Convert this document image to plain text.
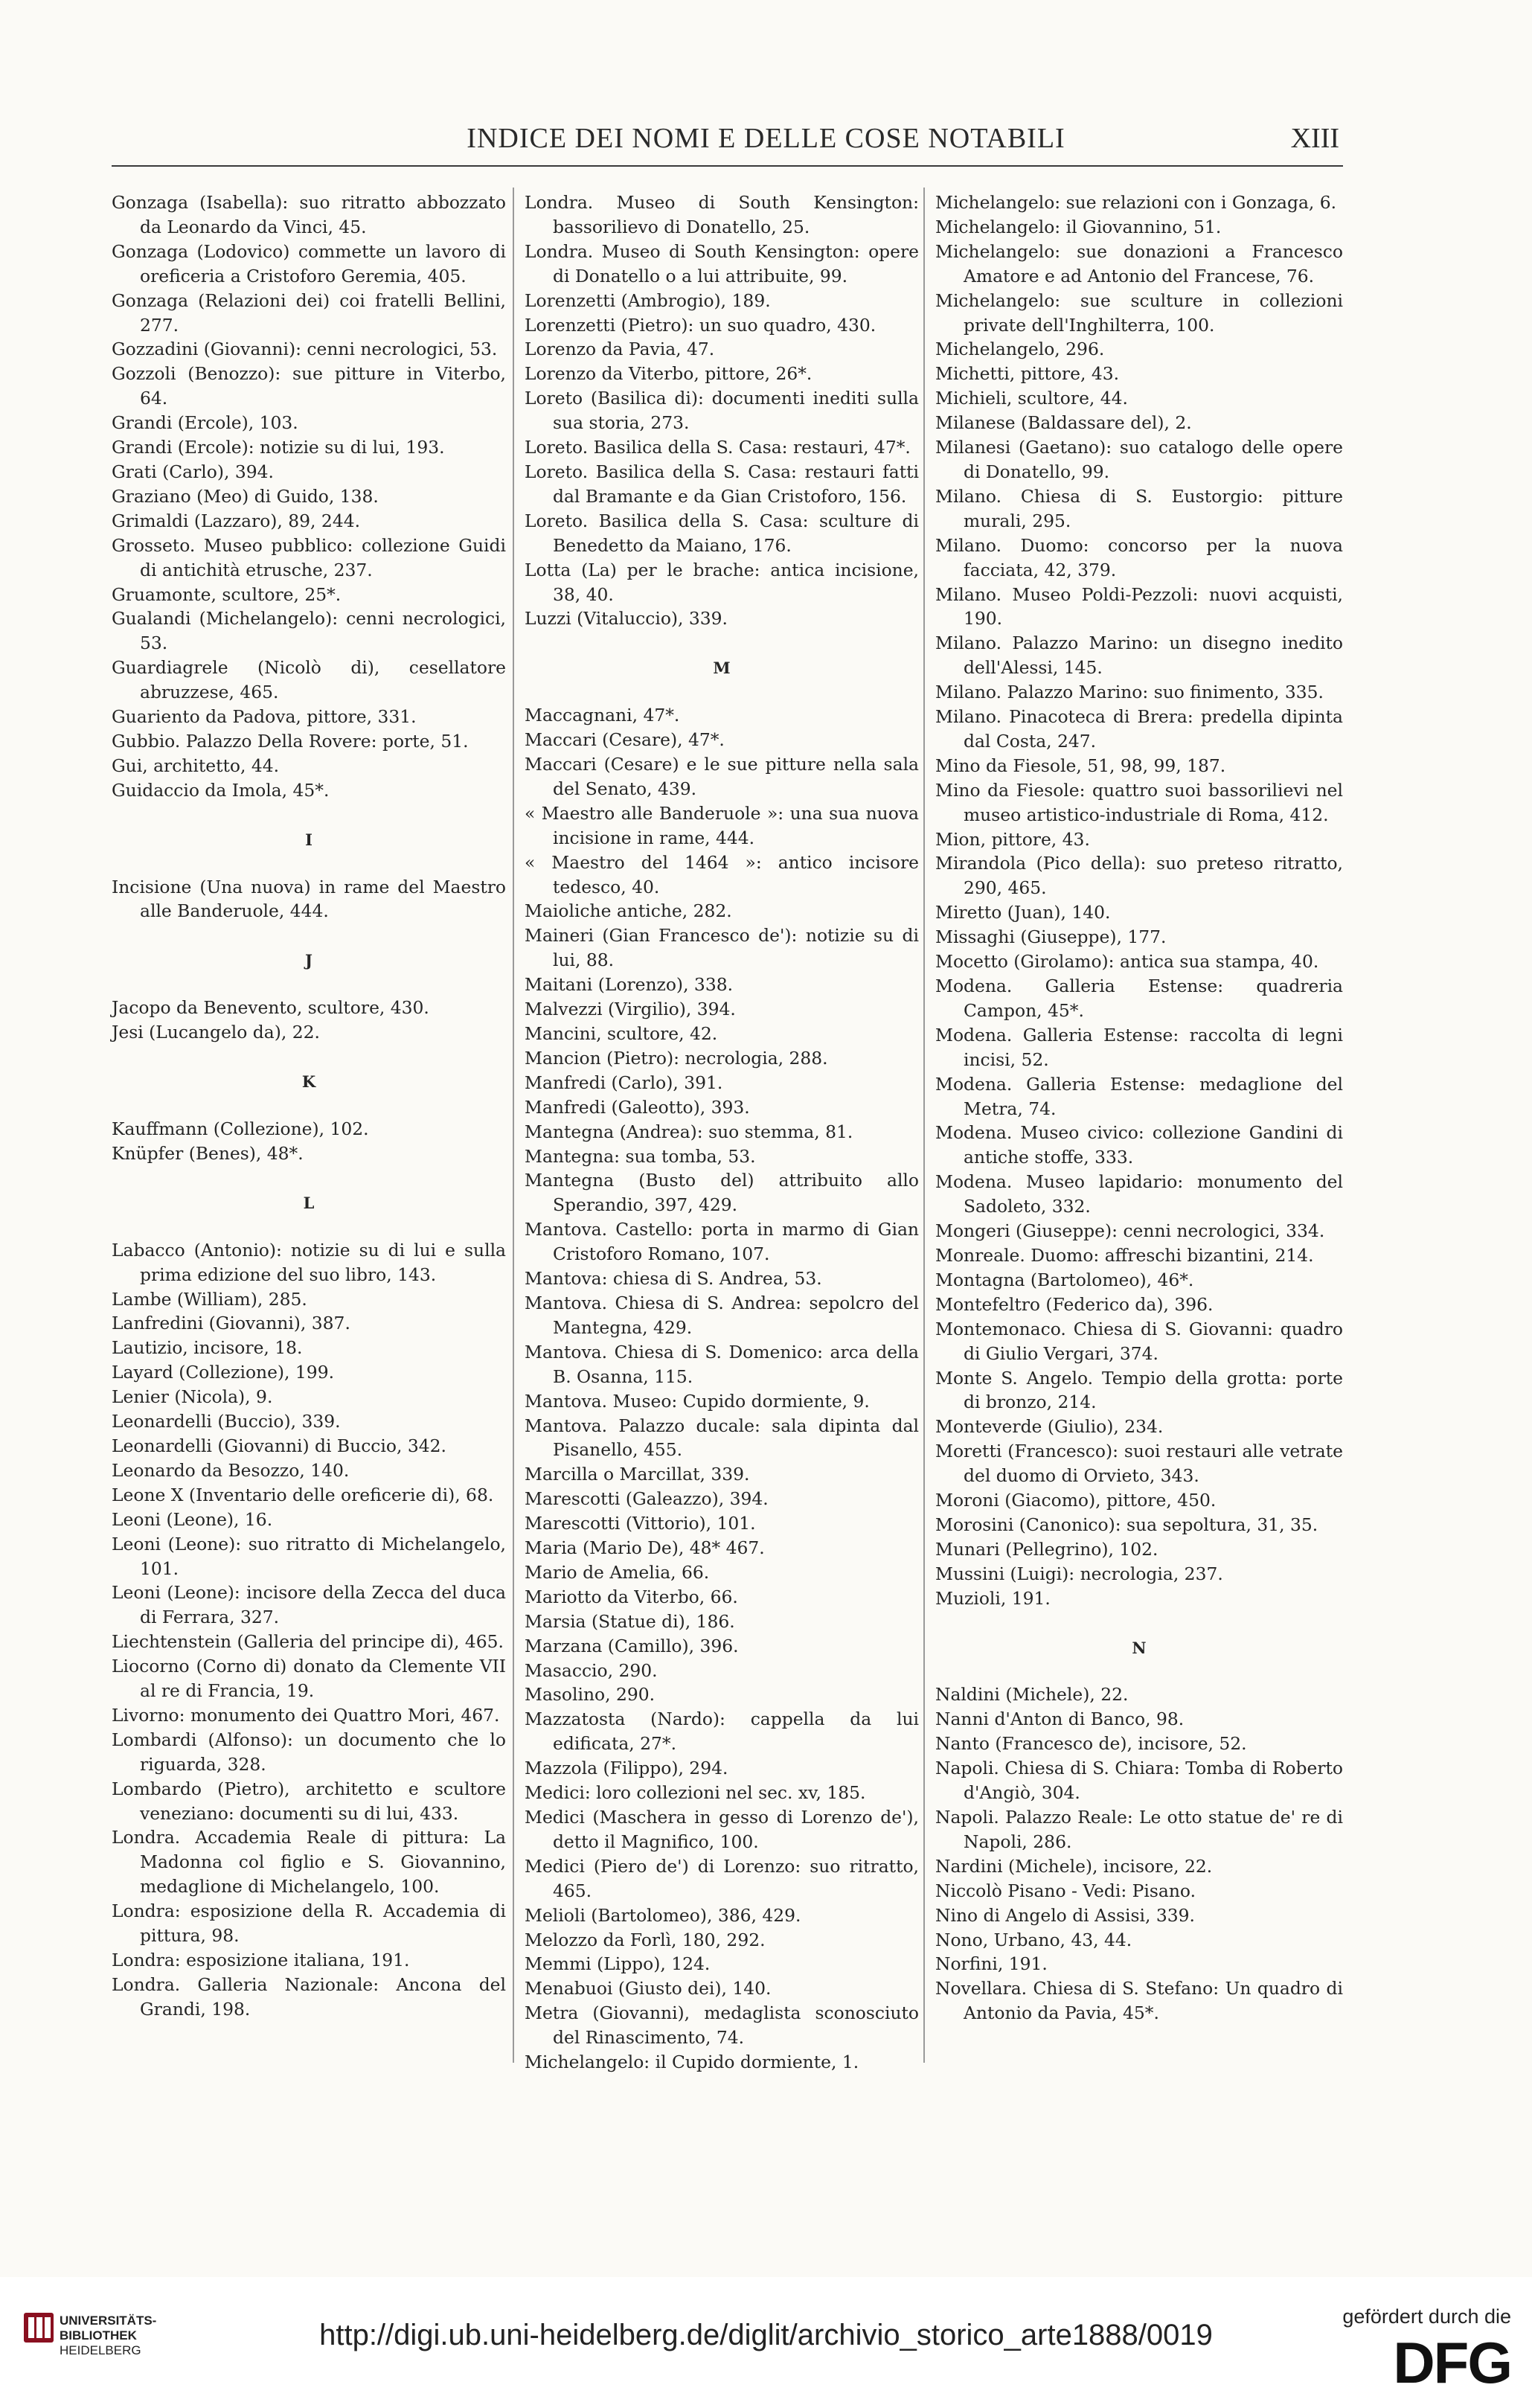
INDICE DEI NOMI E DELLE COSE NOTABILI	XIII

Gonzaga (Isabella): suo ritratto abbozzato da Leonardo da Vinci, 45.

Gonzaga (Lodovico) commette un lavoro di oreficeria a Cristoforo Geremia, 405.

Gonzaga (Relazioni dei) coi fratelli Bellini, 277.

Gozzadini (Giovanni): cenni necrologici, 53.

Gozzoli (Benozzo): sue pitture in Viterbo, 64.

Grandi (Ercole), 103.

Grandi (Ercole): notizie su di lui, 193.

Grati (Carlo), 394.

Graziano (Meo) di Guido, 138.

Grimaldi (Lazzaro), 89, 244.

Grosseto. Museo pubblico: collezione Guidi di antichità etrusche, 237.

Gruamonte, scultore, 25*.

Gualandi (Michelangelo): cenni necrologici, 53.

Guardiagrele (Nicolò di), cesellatore abruzzese, 465.

Guariento da Padova, pittore, 331.

Gubbio. Palazzo Della Rovere: porte, 51.

Gui, architetto, 44.

Guidaccio da Imola, 45*.

I

Incisione (Una nuova) in rame del Maestro alle Banderuole, 444.

J

Jacopo da Benevento, scultore, 430.

Jesi (Lucangelo da), 22.

K

Kauffmann (Collezione), 102.

Knüpfer (Benes), 48*.

L

Labacco (Antonio): notizie su di lui e sulla prima edizione del suo libro, 143.

Lambe (William), 285.

Lanfredini (Giovanni), 387.

Lautizio, incisore, 18.

Layard (Collezione), 199.

Lenier (Nicola), 9.

Leonardelli (Buccio), 339.

Leonardelli (Giovanni) di Buccio, 342.

Leonardo da Besozzo, 140.

Leone X (Inventario delle oreficerie di), 68.

Leoni (Leone), 16.

Leoni (Leone): suo ritratto di Michelangelo, 101.

Leoni (Leone): incisore della Zecca del duca di Ferrara, 327.

Liechtenstein (Galleria del principe di), 465.

Liocorno (Corno di) donato da Clemente VII al re di Francia, 19.

Livorno: monumento dei Quattro Mori, 467.

Lombardi (Alfonso): un documento che lo riguarda, 328.

Lombardo (Pietro), architetto e scultore veneziano: documenti su di lui, 433.

Londra. Accademia Reale di pittura: La Madonna col figlio e S. Giovannino, medaglione di Michelangelo, 100.

Londra: esposizione della R. Accademia di pittura, 98.

Londra: esposizione italiana, 191.

Londra. Galleria Nazionale: Ancona del Grandi, 198.

Londra. Museo di South Kensington: bassorilievo di Donatello, 25.

Londra. Museo di South Kensington: opere di Donatello o a lui attribuite, 99.

Lorenzetti (Ambrogio), 189.

Lorenzetti (Pietro): un suo quadro, 430.

Lorenzo da Pavia, 47.

Lorenzo da Viterbo, pittore, 26*.

Loreto (Basilica di): documenti inediti sulla sua storia, 273.

Loreto. Basilica della S. Casa: restauri, 47*.

Loreto. Basilica della S. Casa: restauri fatti dal Bramante e da Gian Cristoforo, 156.

Loreto. Basilica della S. Casa: sculture di Benedetto da Maiano, 176.

Lotta (La) per le brache: antica incisione, 38, 40.

Luzzi (Vitaluccio), 339.

M

Maccagnani, 47*.

Maccari (Cesare), 47*.

Maccari (Cesare) e le sue pitture nella sala del Senato, 439.

« Maestro alle Banderuole »: una sua nuova incisione in rame, 444.

« Maestro del 1464 »: antico incisore tedesco, 40.

Maioliche antiche, 282.

Maineri (Gian Francesco de'): notizie su di lui, 88.

Maitani (Lorenzo), 338.

Malvezzi (Virgilio), 394.

Mancini, scultore, 42.

Mancion (Pietro): necrologia, 288.

Manfredi (Carlo), 391.

Manfredi (Galeotto), 393.

Mantegna (Andrea): suo stemma, 81.

Mantegna: sua tomba, 53.

Mantegna (Busto del) attribuito allo Sperandio, 397, 429.

Mantova. Castello: porta in marmo di Gian Cristoforo Romano, 107.

Mantova: chiesa di S. Andrea, 53.

Mantova. Chiesa di S. Andrea: sepolcro del Mantegna, 429.

Mantova. Chiesa di S. Domenico: arca della B. Osanna, 115.

Mantova. Museo: Cupido dormiente, 9.

Mantova. Palazzo ducale: sala dipinta dal Pisanello, 455.

Marcilla o Marcillat, 339.

Marescotti (Galeazzo), 394.

Marescotti (Vittorio), 101.

Maria (Mario De), 48* 467.

Mario de Amelia, 66.

Mariotto da Viterbo, 66.

Marsia (Statue di), 186.

Marzana (Camillo), 396.

Masaccio, 290.

Masolino, 290.

Mazzatosta (Nardo): cappella da lui edificata, 27*.

Mazzola (Filippo), 294.

Medici: loro collezioni nel sec. xv, 185.

Medici (Maschera in gesso di Lorenzo de'), detto il Magnifico, 100.

Medici (Piero de') di Lorenzo: suo ritratto, 465.

Melioli (Bartolomeo), 386, 429.

Melozzo da Forlì, 180, 292.

Memmi (Lippo), 124.

Menabuoi (Giusto dei), 140.

Metra (Giovanni), medaglista sconosciuto del Rinascimento, 74.

Michelangelo: il Cupido dormiente, 1.

Michelangelo: sue relazioni con i Gonzaga, 6.

Michelangelo: il Giovannino, 51.

Michelangelo: sue donazioni a Francesco Amatore e ad Antonio del Francese, 76.

Michelangelo: sue sculture in collezioni private dell'Inghilterra, 100.

Michelangelo, 296.

Michetti, pittore, 43.

Michieli, scultore, 44.

Milanese (Baldassare del), 2.

Milanesi (Gaetano): suo catalogo delle opere di Donatello, 99.

Milano. Chiesa di S. Eustorgio: pitture murali, 295.

Milano. Duomo: concorso per la nuova facciata, 42, 379.

Milano. Museo Poldi-Pezzoli: nuovi acquisti, 190.

Milano. Palazzo Marino: un disegno inedito dell'Alessi, 145.

Milano. Palazzo Marino: suo finimento, 335.

Milano. Pinacoteca di Brera: predella dipinta dal Costa, 247.

Mino da Fiesole, 51, 98, 99, 187.

Mino da Fiesole: quattro suoi bassorilievi nel museo artistico-industriale di Roma, 412.

Mion, pittore, 43.

Mirandola (Pico della): suo preteso ritratto, 290, 465.

Miretto (Juan), 140.

Missaghi (Giuseppe), 177.

Mocetto (Girolamo): antica sua stampa, 40.

Modena. Galleria Estense: quadreria Campon, 45*.

Modena. Galleria Estense: raccolta di legni incisi, 52.

Modena. Galleria Estense: medaglione del Metra, 74.

Modena. Museo civico: collezione Gandini di antiche stoffe, 333.

Modena. Museo lapidario: monumento del Sadoleto, 332.

Mongeri (Giuseppe): cenni necrologici, 334.

Monreale. Duomo: affreschi bizantini, 214.

Montagna (Bartolomeo), 46*.

Montefeltro (Federico da), 396.

Montemonaco. Chiesa di S. Giovanni: quadro di Giulio Vergari, 374.

Monte S. Angelo. Tempio della grotta: porte di bronzo, 214.

Monteverde (Giulio), 234.

Moretti (Francesco): suoi restauri alle vetrate del duomo di Orvieto, 343.

Moroni (Giacomo), pittore, 450.

Morosini (Canonico): sua sepoltura, 31, 35.

Munari (Pellegrino), 102.

Mussini (Luigi): necrologia, 237.

Muzioli, 191.

N

Naldini (Michele), 22.

Nanni d'Anton di Banco, 98.

Nanto (Francesco de), incisore, 52.

Napoli. Chiesa di S. Chiara: Tomba di Roberto d'Angiò, 304.

Napoli. Palazzo Reale: Le otto statue de' re di Napoli, 286.

Nardini (Michele), incisore, 22.

Niccolò Pisano - Vedi: Pisano.

Nino di Angelo di Assisi, 339.

Nono, Urbano, 43, 44.

Norfini, 191.

Novellara. Chiesa di S. Stefano: Un quadro di Antonio da Pavia, 45*.

UNIVERSITÄTS-
BIBLIOTHEK
HEIDELBERG	http://digi.ub.uni-heidelberg.de/diglit/archivio_storico_arte1888/0019
gefördert durch die
DFG
